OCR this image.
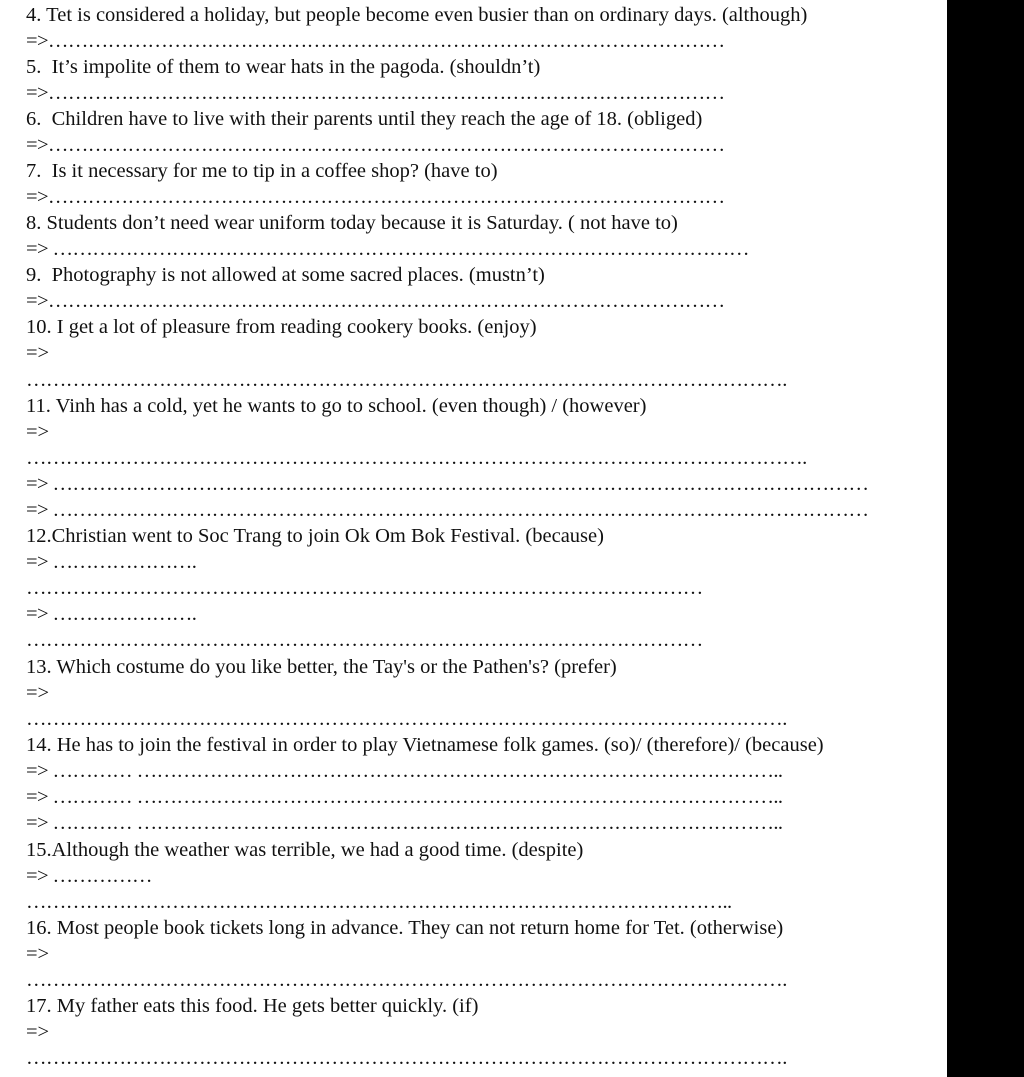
4. Tet is considered a holiday, but people become even busier than on ordinary days. (although)
=>…………………………………………………………………………………………
5.  It’s impolite of them to wear hats in the pagoda. (shouldn’t)
=>…………………………………………………………………………………………
6.  Children have to live with their parents until they reach the age of 18. (obliged)
=>…………………………………………………………………………………………
7.  Is it necessary for me to tip in a coffee shop? (have to)
=>…………………………………………………………………………………………
8. Students don’t need wear uniform today because it is Saturday. ( not have to)
=> ……………………………………………………………………………………………
9.  Photography is not allowed at some sacred places. (mustn’t)
=>…………………………………………………………………………………………
10. I get a lot of pleasure from reading cookery books. (enjoy)
=>
…………………………………………………………………………………………………….
11. Vinh has a cold, yet he wants to go to school. (even though) / (however)
=>
……………………………………………………………………………………………………….
=> ……………………………………………………………………………………………………………
=> ……………………………………………………………………………………………………………
12.Christian went to Soc Trang to join Ok Om Bok Festival. (because)
=> ………………….
…………………………………………………………………………………………
=> ………………….
…………………………………………………………………………………………
13. Which costume do you like better, the Tay's or the Pathen's? (prefer)
=>
…………………………………………………………………………………………………….
14. He has to join the festival in order to play Vietnamese folk games. (so)/ (therefore)/ (because)
=> ………… ……………………………………………………………………………………..
=> ………… ……………………………………………………………………………………..
=> ………… ……………………………………………………………………………………..
15.Although the weather was terrible, we had a good time. (despite)
=> ……………
……………………………………………………………………………………………..
16. Most people book tickets long in advance. They can not return home for Tet. (otherwise)
=>
…………………………………………………………………………………………………….
17. My father eats this food. He gets better quickly. (if)
=>
…………………………………………………………………………………………………….
